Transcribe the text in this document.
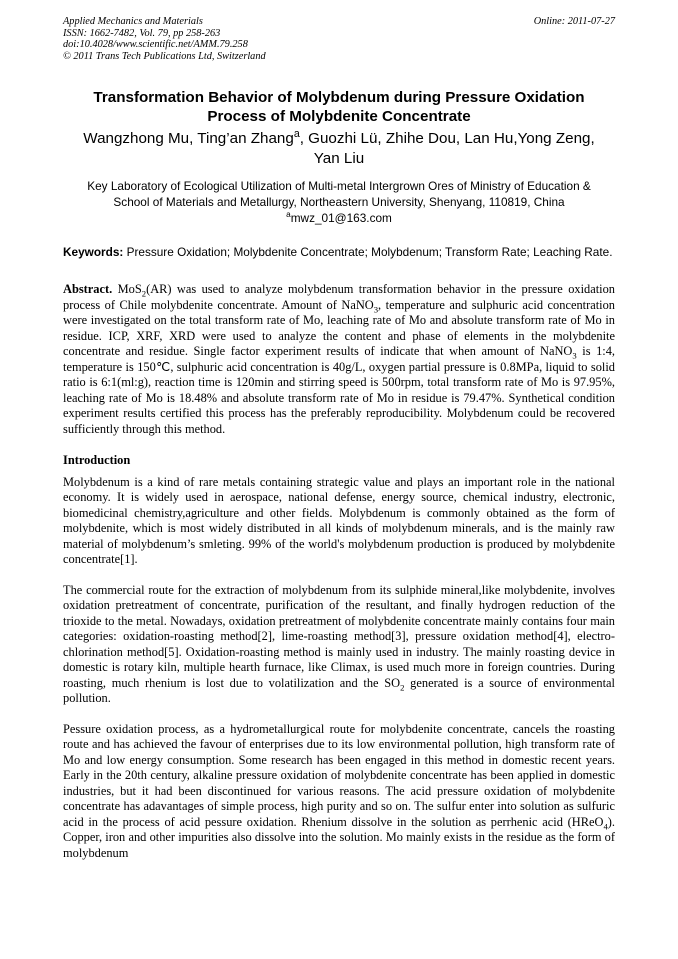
Applied Mechanics and Materials
ISSN: 1662-7482, Vol. 79, pp 258-263
doi:10.4028/www.scientific.net/AMM.79.258
© 2011 Trans Tech Publications Ltd, Switzerland
Online: 2011-07-27
Transformation Behavior of Molybdenum during Pressure Oxidation
Process of Molybdenite Concentrate
Wangzhong Mu, Ting’an Zhang$^a$, Guozhi Lü, Zhihe Dou, Lan Hu,Yong Zeng,
Yan Liu
Key Laboratory of Ecological Utilization of Multi-metal Intergrown Ores of Ministry of Education &
School of Materials and Metallurgy, Northeastern University, Shenyang, 110819, China
$^a$mwz_01@163.com
Keywords: Pressure Oxidation; Molybdenite Concentrate; Molybdenum; Transform Rate; Leaching Rate.

Abstract. MoS$_2$(AR) was used to analyze molybdenum transformation behavior in the pressure oxidation process of Chile molybdenite concentrate. Amount of NaNO$_3$, temperature and sulphuric acid concentration were investigated on the total transform rate of Mo, leaching rate of Mo and absolute transform rate of Mo in residue. ICP, XRF, XRD were used to analyze the content and phase of elements in the molybdenite concentrate and residue. Single factor experiment results of indicate that when amount of NaNO$_3$ is 1:4, temperature is 150℃, sulphuric acid concentration is 40g/L, oxygen partial pressure is 0.8MPa, liquid to solid ratio is 6:1(ml:g), reaction time is 120min and stirring speed is 500rpm, total transform rate of Mo is 97.95%, leaching rate of Mo is 18.48% and absolute transform rate of Mo in residue is 79.47%. Synthetical condition experiment results certified this process has the preferably reproducibility. Molybdenum could be recovered sufficiently through this method.

Introduction

Molybdenum is a kind of rare metals containing strategic value and plays an important role in the national economy. It is widely used in aerospace, national defense, energy source, chemical industry, electronic, biomedicinal chemistry,agriculture and other fields. Molybdenum is commonly obtained as the form of molybdenite, which is most widely distributed in all kinds of molybdenum minerals, and is the mainly raw material of molybdenum’s smleting. 99% of the world's molybdenum production is produced by molybdenite concentrate[1].

The commercial route for the extraction of molybdenum from its sulphide mineral,like molybdenite, involves oxidation pretreatment of concentrate, purification of the resultant, and finally hydrogen reduction of the trioxide to the metal. Nowadays, oxidation pretreatment of molybdenite concentrate mainly contains four main categories: oxidation-roasting method[2], lime-roasting method[3], pressure oxidation method[4], electro-chlorination method[5]. Oxidation-roasting method is mainly used in industry. The mainly roasting device in domestic is rotary kiln, multiple hearth furnace, like Climax, is used much more in foreign countries. During roasting, much rhenium is lost due to volatilization and the $SO_2$ generated is a source of environmental pollution.

Pessure oxidation process, as a hydrometallurgical route for molybdenite concentrate, cancels the roasting route and has achieved the favour of enterprises due to its low environmental pollution, high transform rate of Mo and low energy consumption. Some research has been engaged in this method in domestic recent years. Early in the 20th century, alkaline pressure oxidation of molybdenite concentrate has been applied in domestic industries, but it had been discontinued for various reasons. The acid pressure oxidation of molybdenite concentrate has adavantages of simple process, high purity and so on. The sulfur enter into solution as sulfuric acid in the process of acid pessure oxidation. Rhenium dissolve in the solution as perrhenic acid (HReO$_4$). Copper, iron and other impurities also dissolve into the solution. Mo mainly exists in the residue as the form of molybdenum
